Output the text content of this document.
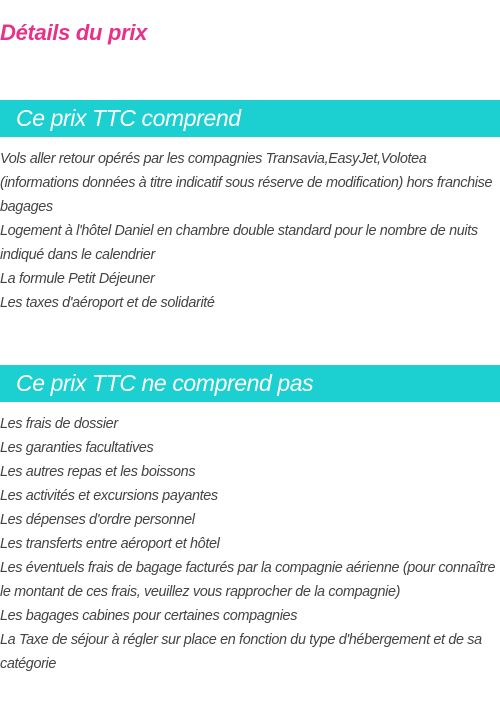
Détails du prix
Ce prix TTC comprend
Vols aller retour opérés par les compagnies Transavia,EasyJet,Volotea (informations données à titre indicatif sous réserve de modification) hors franchise bagages
Logement à l'hôtel Daniel en chambre double standard pour le nombre de nuits indiqué dans le calendrier
La formule Petit Déjeuner
Les taxes d'aéroport et de solidarité
Ce prix TTC ne comprend pas
Les frais de dossier
Les garanties facultatives
Les autres repas et les boissons
Les activités et excursions payantes
Les dépenses d'ordre personnel
Les transferts entre aéroport et hôtel
Les éventuels frais de bagage facturés par la compagnie aérienne (pour connaître le montant de ces frais, veuillez vous rapprocher de la compagnie)
Les bagages cabines pour certaines compagnies
La Taxe de séjour à régler sur place en fonction du type d'hébergement et de sa catégorie
